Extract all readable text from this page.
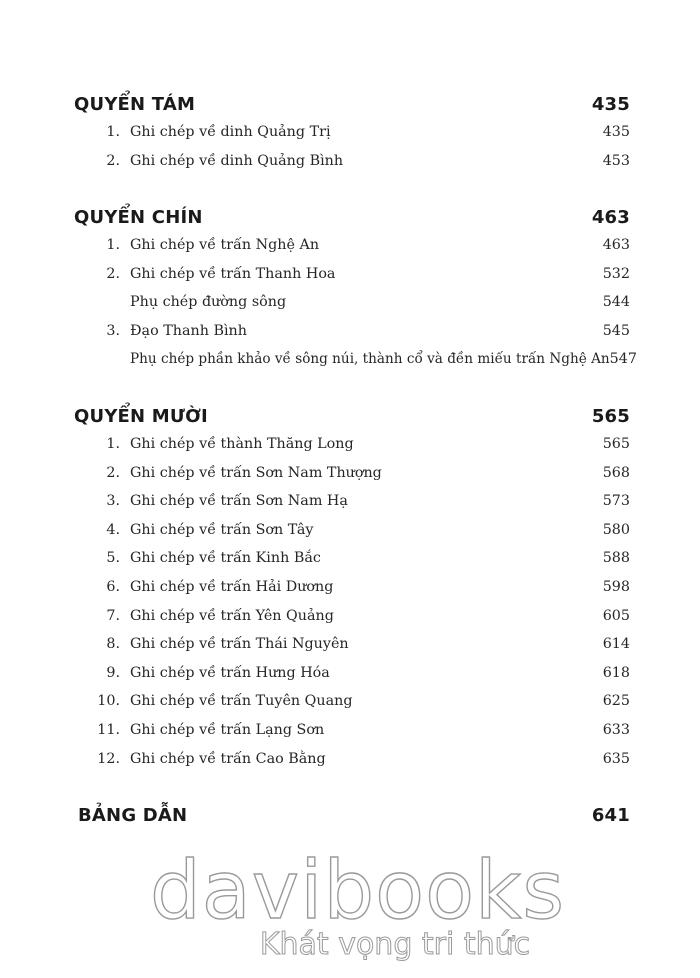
QUYỂN TÁM	435
1. Ghi chép về dinh Quảng Trị	435
2. Ghi chép về dinh Quảng Bình	453
QUYỂN CHÍN	463
1. Ghi chép về trấn Nghệ An	463
2. Ghi chép về trấn Thanh Hoa	532
Phụ chép đường sông	544
3. Đạo Thanh Bình	545
Phụ chép phần khảo về sông núi, thành cổ và đền miếu trấn Nghệ An 547
QUYỂN MƯỜI	565
1. Ghi chép về thành Thăng Long	565
2. Ghi chép về trấn Sơn Nam Thượng	568
3. Ghi chép về trấn Sơn Nam Hạ	573
4. Ghi chép về trấn Sơn Tây	580
5. Ghi chép về trấn Kinh Bắc	588
6. Ghi chép về trấn Hải Dương	598
7. Ghi chép về trấn Yên Quảng	605
8. Ghi chép về trấn Thái Nguyên	614
9. Ghi chép về trấn Hưng Hóa	618
10. Ghi chép về trấn Tuyên Quang	625
11. Ghi chép về trấn Lạng Sơn	633
12. Ghi chép về trấn Cao Bằng	635
BẢNG DẪN	641
davibooks
Khát vọng tri thức
